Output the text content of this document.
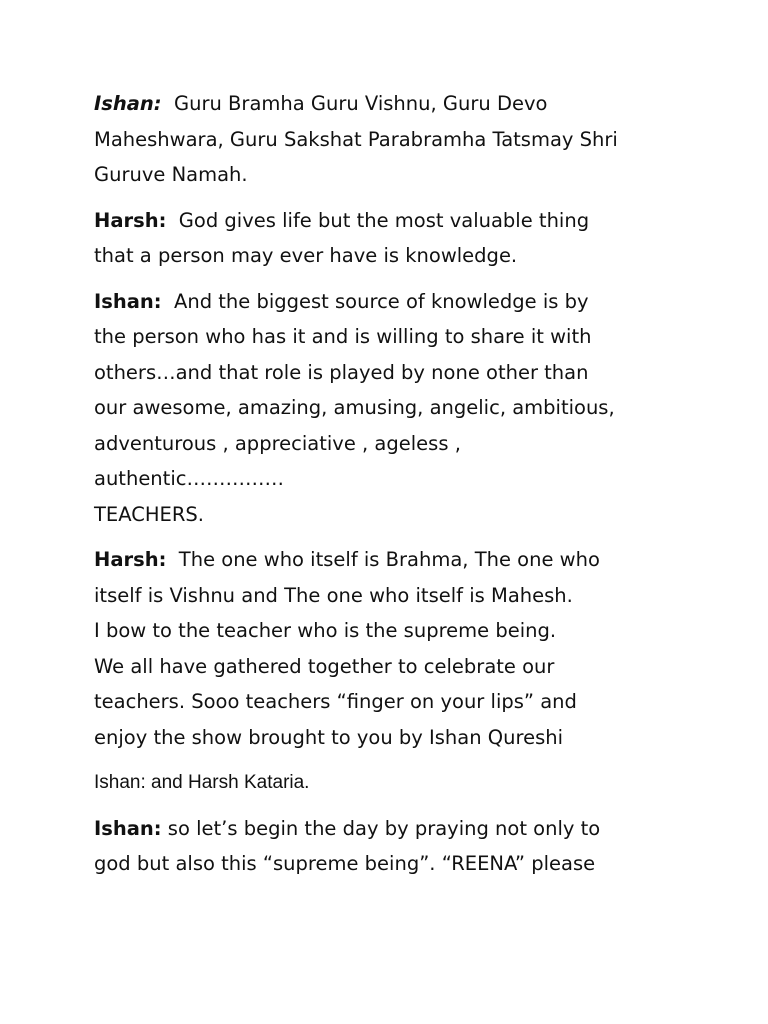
Ishan: Guru Bramha Guru Vishnu, Guru Devo
Maheshwara, Guru Sakshat Parabramha Tatsmay Shri
Guruve Namah.

Harsh: God gives life but the most valuable thing
that a person may ever have is knowledge.

Ishan: And the biggest source of knowledge is by
the person who has it and is willing to share it with
others…and that role is played by none other than
our awesome, amazing, amusing, angelic, ambitious,
adventurous , appreciative , ageless ,
authentic……………
TEACHERS.

Harsh: The one who itself is Brahma, The one who
itself is Vishnu and The one who itself is Mahesh.
I bow to the teacher who is the supreme being.
We all have gathered together to celebrate our
teachers. Sooo teachers “finger on your lips” and
enjoy the show brought to you by Ishan Qureshi

Ishan: and Harsh Kataria.

Ishan: so let’s begin the day by praying not only to
god but also this “supreme being”. “REENA” please
